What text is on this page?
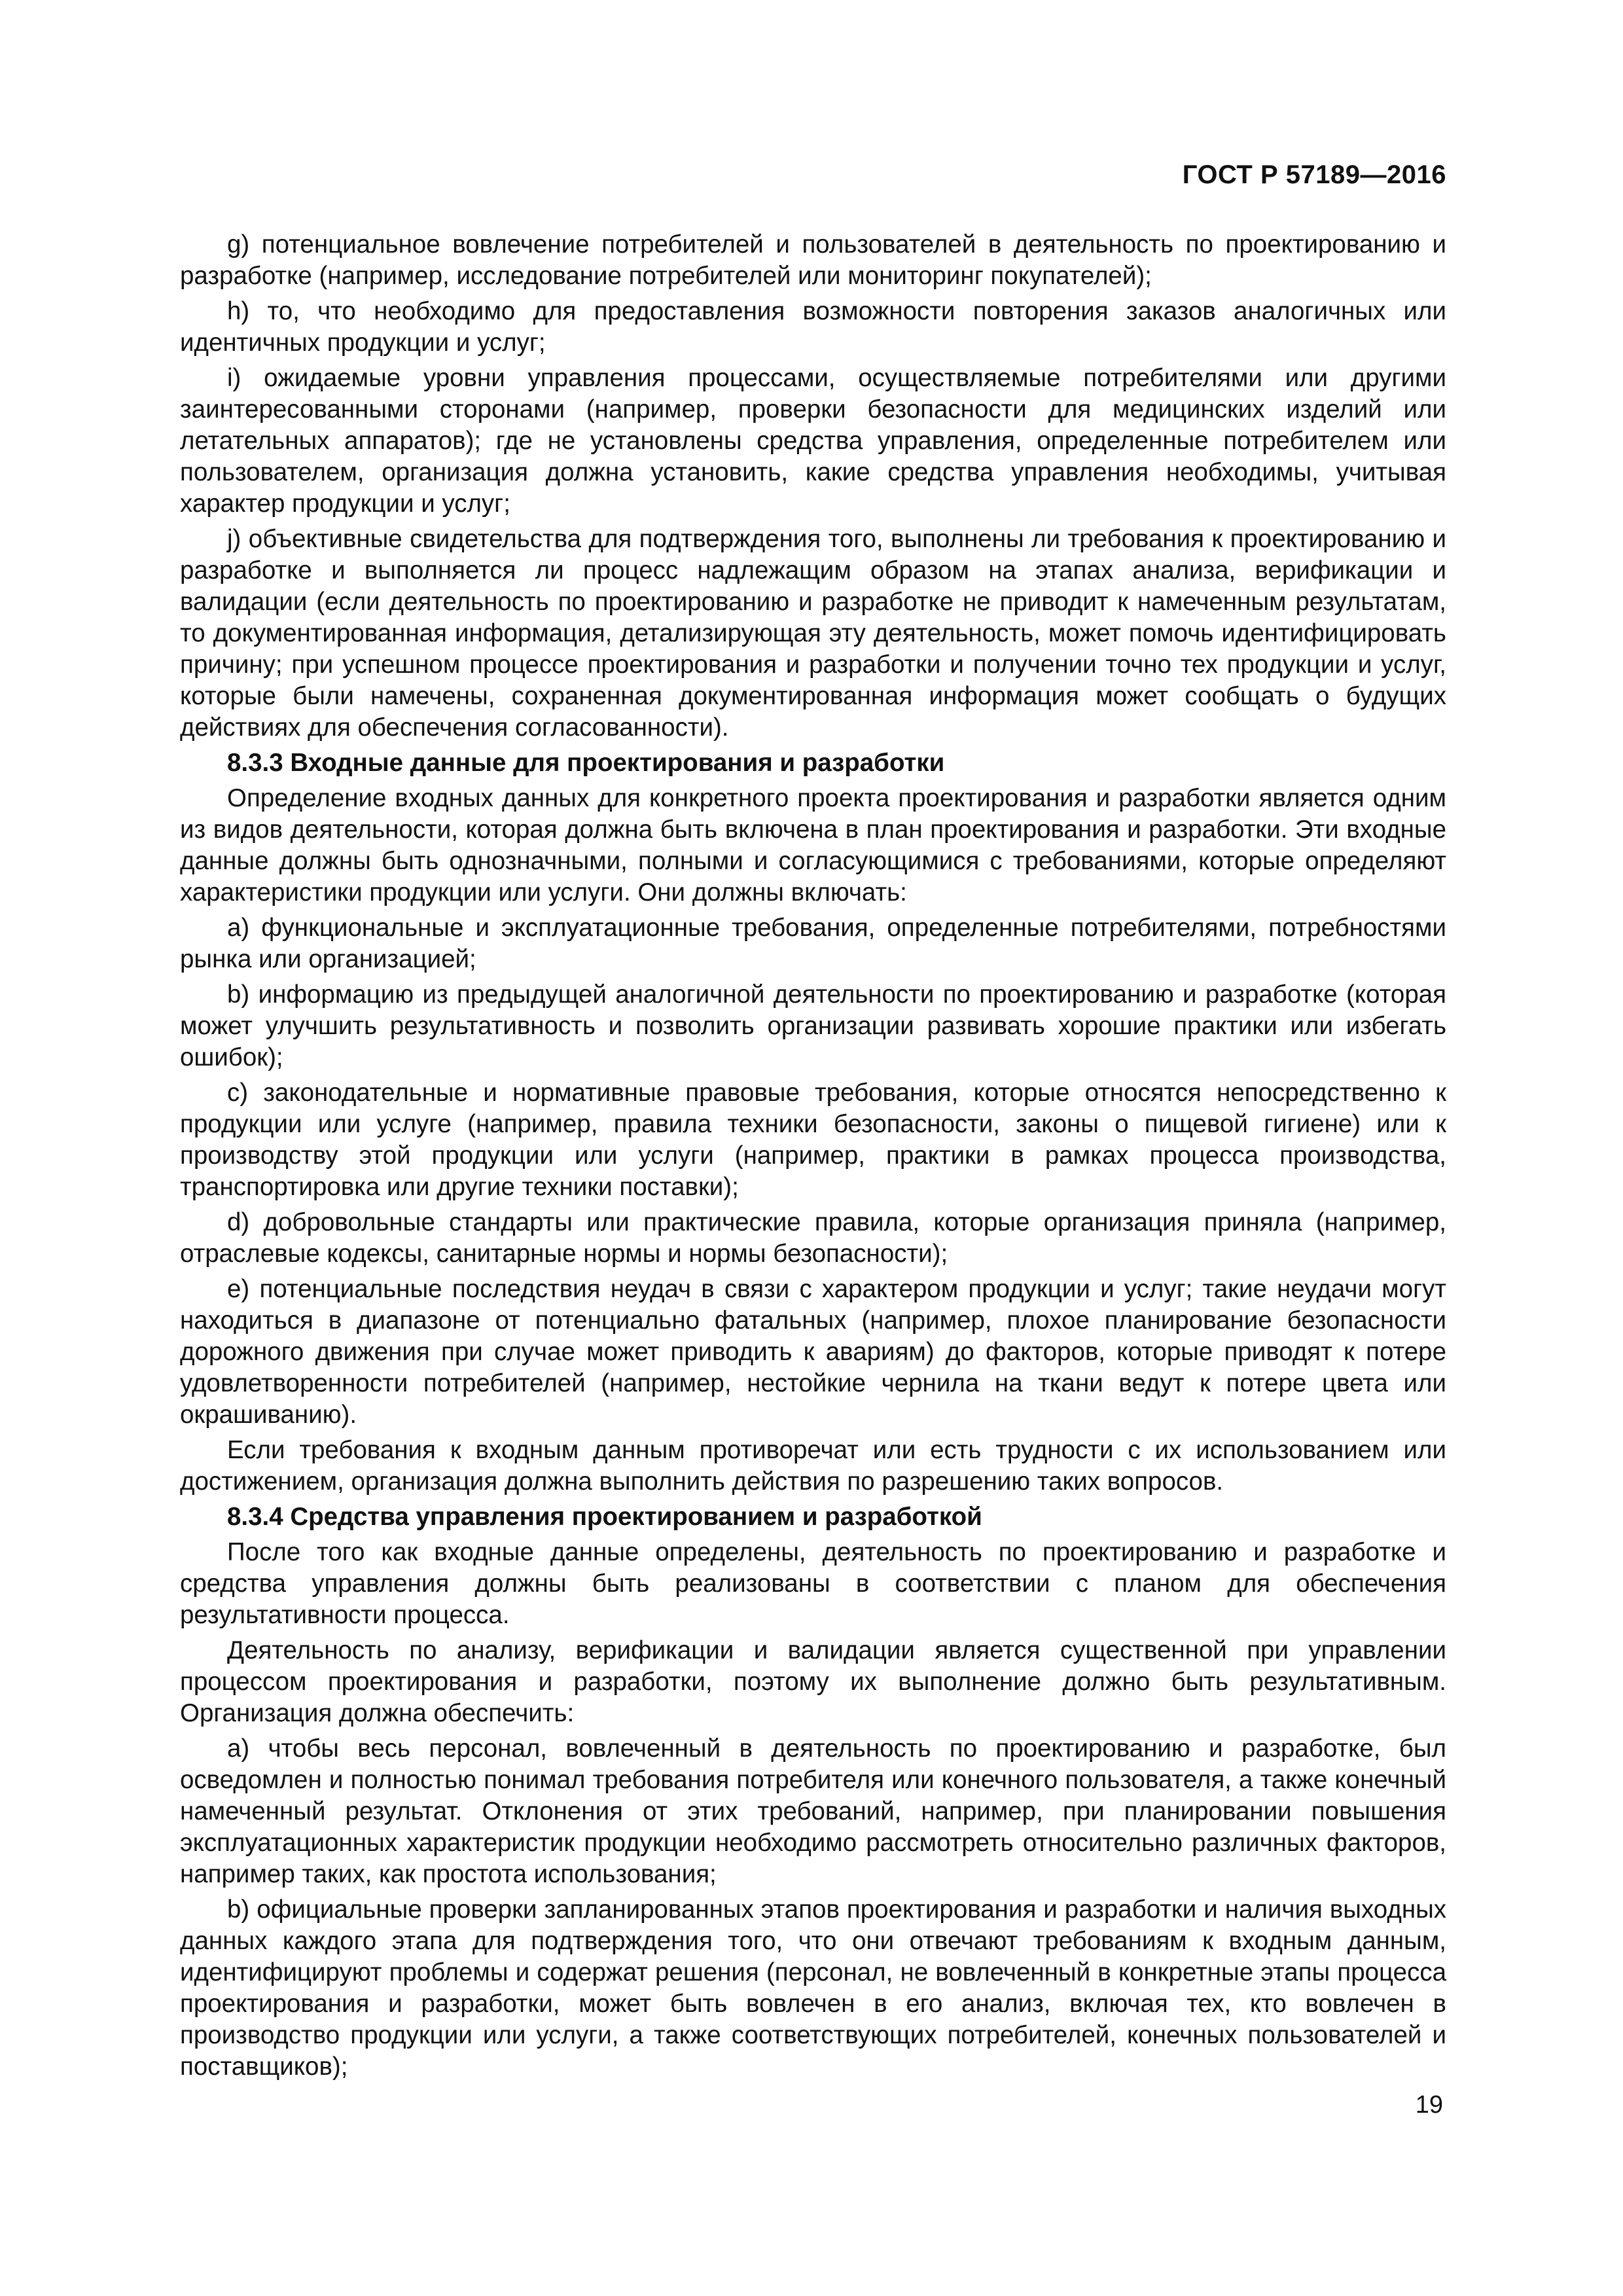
ГОСТ Р 57189—2016

g) потенциальное вовлечение потребителей и пользователей в деятельность по проектированию и разработке (например, исследование потребителей или мониторинг покупателей);

h) то, что необходимо для предоставления возможности повторения заказов аналогичных или идентичных продукции и услуг;

i) ожидаемые уровни управления процессами, осуществляемые потребителями или другими заинтересованными сторонами (например, проверки безопасности для медицинских изделий или летательных аппаратов); где не установлены средства управления, определенные потребителем или пользователем, организация должна установить, какие средства управления необходимы, учитывая характер продукции и услуг;

j) объективные свидетельства для подтверждения того, выполнены ли требования к проектированию и разработке и выполняется ли процесс надлежащим образом на этапах анализа, верификации и валидации (если деятельность по проектированию и разработке не приводит к намеченным результатам, то документированная информация, детализирующая эту деятельность, может помочь идентифицировать причину; при успешном процессе проектирования и разработки и получении точно тех продукции и услуг, которые были намечены, сохраненная документированная информация может сообщать о будущих действиях для обеспечения согласованности).

8.3.3 Входные данные для проектирования и разработки

Определение входных данных для конкретного проекта проектирования и разработки является одним из видов деятельности, которая должна быть включена в план проектирования и разработки. Эти входные данные должны быть однозначными, полными и согласующимися с требованиями, которые определяют характеристики продукции или услуги. Они должны включать:

a) функциональные и эксплуатационные требования, определенные потребителями, потребностями рынка или организацией;

b) информацию из предыдущей аналогичной деятельности по проектированию и разработке (которая может улучшить результативность и позволить организации развивать хорошие практики или избегать ошибок);

c) законодательные и нормативные правовые требования, которые относятся непосредственно к продукции или услуге (например, правила техники безопасности, законы о пищевой гигиене) или к производству этой продукции или услуги (например, практики в рамках процесса производства, транспортировка или другие техники поставки);

d) добровольные стандарты или практические правила, которые организация приняла (например, отраслевые кодексы, санитарные нормы и нормы безопасности);

e) потенциальные последствия неудач в связи с характером продукции и услуг; такие неудачи могут находиться в диапазоне от потенциально фатальных (например, плохое планирование безопасности дорожного движения при случае может приводить к авариям) до факторов, которые приводят к потере удовлетворенности потребителей (например, нестойкие чернила на ткани ведут к потере цвета или окрашиванию).

Если требования к входным данным противоречат или есть трудности с их использованием или достижением, организация должна выполнить действия по разрешению таких вопросов.

8.3.4 Средства управления проектированием и разработкой

После того как входные данные определены, деятельность по проектированию и разработке и средства управления должны быть реализованы в соответствии с планом для обеспечения результативности процесса.

Деятельность по анализу, верификации и валидации является существенной при управлении процессом проектирования и разработки, поэтому их выполнение должно быть результативным. Организация должна обеспечить:

a) чтобы весь персонал, вовлеченный в деятельность по проектированию и разработке, был осведомлен и полностью понимал требования потребителя или конечного пользователя, а также конечный намеченный результат. Отклонения от этих требований, например, при планировании повышения эксплуатационных характеристик продукции необходимо рассмотреть относительно различных факторов, например таких, как простота использования;

b) официальные проверки запланированных этапов проектирования и разработки и наличия выходных данных каждого этапа для подтверждения того, что они отвечают требованиям к входным данным, идентифицируют проблемы и содержат решения (персонал, не вовлеченный в конкретные этапы процесса проектирования и разработки, может быть вовлечен в его анализ, включая тех, кто вовлечен в производство продукции или услуги, а также соответствующих потребителей, конечных пользователей и поставщиков);

19
